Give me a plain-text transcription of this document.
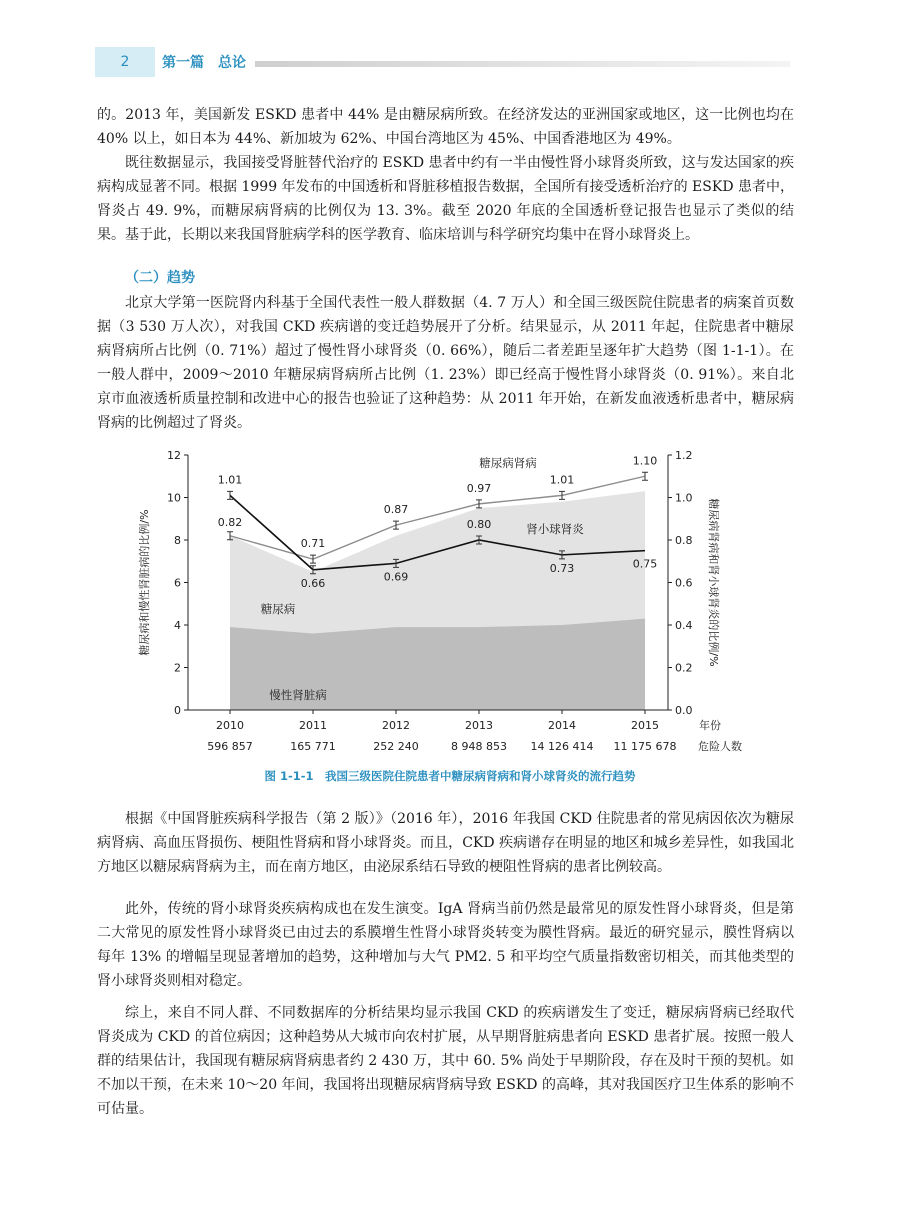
2	第一篇　总论

的。2013 年，美国新发 ESKD 患者中 44% 是由糖尿病所致。在经济发达的亚洲国家或地区，这一比例也均在 40% 以上，如日本为 44%、新加坡为 62%、中国台湾地区为 45%、中国香港地区为 49%。

既往数据显示，我国接受肾脏替代治疗的 ESKD 患者中约有一半由慢性肾小球肾炎所致，这与发达国家的疾病构成显著不同。根据 1999 年发布的中国透析和肾脏移植报告数据，全国所有接受透析治疗的 ESKD 患者中，肾炎占 49. 9%，而糖尿病肾病的比例仅为 13. 3%。截至 2020 年底的全国透析登记报告也显示了类似的结果。基于此，长期以来我国肾脏病学科的医学教育、临床培训与科学研究均集中在肾小球肾炎上。

（二）趋势

北京大学第一医院肾内科基于全国代表性一般人群数据（4. 7 万人）和全国三级医院住院患者的病案首页数据（3 530 万人次），对我国 CKD 疾病谱的变迁趋势展开了分析。结果显示，从 2011 年起，住院患者中糖尿病肾病所占比例（0. 71%）超过了慢性肾小球肾炎（0. 66%），随后二者差距呈逐年扩大趋势（图 1-1-1）。在一般人群中，2009～2010 年糖尿病肾病所占比例（1. 23%）即已经高于慢性肾小球肾炎（0. 91%）。来自北京市血液透析质量控制和改进中心的报告也验证了这种趋势：从 2011 年开始，在新发血液透析患者中，糖尿病肾病的比例超过了肾炎。

0
2
4
6
8
10
12
0.0
0.2
0.4
0.6
0.8
1.0
1.2
2010
596 857
2011
165 771
2012
252 240
2013
8 948 853
2014
14 126 414
2015
11 175 678
年份
危险人数
糖尿病和慢性肾脏病的比例/%	糖尿病肾病和肾小球肾炎的比例/%
0.82
0.71
0.87
0.97
1.01
1.10
1.01
0.66	0.69
0.80
0.73	0.75
糖尿病肾病
肾小球肾炎
糖尿病
慢性肾脏病
图 1-1-1　我国三级医院住院患者中糖尿病肾病和肾小球肾炎的流行趋势

根据《中国肾脏疾病科学报告（第 2 版）》（2016 年），2016 年我国 CKD 住院患者的常见病因依次为糖尿病肾病、高血压肾损伤、梗阻性肾病和肾小球肾炎。而且，CKD 疾病谱存在明显的地区和城乡差异性，如我国北方地区以糖尿病肾病为主，而在南方地区，由泌尿系结石导致的梗阻性肾病的患者比例较高。

此外，传统的肾小球肾炎疾病构成也在发生演变。IgA 肾病当前仍然是最常见的原发性肾小球肾炎，但是第二大常见的原发性肾小球肾炎已由过去的系膜增生性肾小球肾炎转变为膜性肾病。最近的研究显示，膜性肾病以每年 13% 的增幅呈现显著增加的趋势，这种增加与大气 PM2. 5 和平均空气质量指数密切相关，而其他类型的肾小球肾炎则相对稳定。

综上，来自不同人群、不同数据库的分析结果均显示我国 CKD 的疾病谱发生了变迁，糖尿病肾病已经取代肾炎成为 CKD 的首位病因；这种趋势从大城市向农村扩展，从早期肾脏病患者向 ESKD 患者扩展。按照一般人群的结果估计，我国现有糖尿病肾病患者约 2 430 万，其中 60. 5% 尚处于早期阶段，存在及时干预的契机。如不加以干预，在未来 10～20 年间，我国将出现糖尿病肾病导致 ESKD 的高峰，其对我国医疗卫生体系的影响不可估量。
